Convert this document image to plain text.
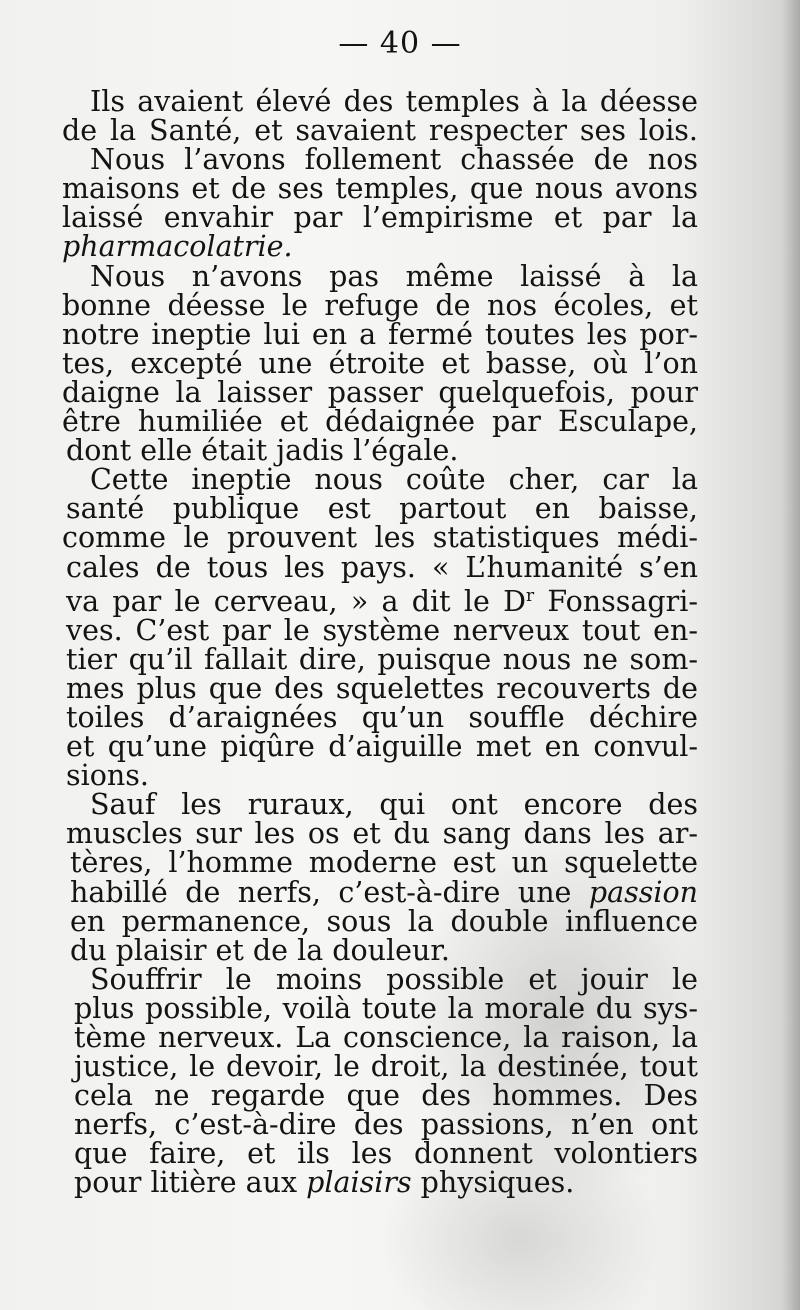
— 40 —
Ils avaient élevé des temples à la déesse
de la Santé, et savaient respecter ses lois.
Nous l’avons follement chassée de nos
maisons et de ses temples, que nous avons
laissé envahir par l’empirisme et par la
pharmacolatrie.
Nous n’avons pas même laissé à la
bonne déesse le refuge de nos écoles, et
notre ineptie lui en a fermé toutes les por-
tes, excepté une étroite et basse, où l’on
daigne la laisser passer quelquefois, pour
être humiliée et dédaignée par Esculape,
dont elle était jadis l’égale.
Cette ineptie nous coûte cher, car la
santé publique est partout en baisse,
comme le prouvent les statistiques médi-
cales de tous les pays. « L’humanité s’en
va par le cerveau, » a dit le $D^r$ Fonssagri-
ves. C’est par le système nerveux tout en-
tier qu’il fallait dire, puisque nous ne som-
mes plus que des squelettes recouverts de
toiles d’araignées qu’un souffle déchire
et qu’une piqûre d’aiguille met en convul-
sions.
Sauf les ruraux, qui ont encore des
muscles sur les os et du sang dans les ar-
tères, l’homme moderne est un squelette
habillé de nerfs, c’est-à-dire une passion
en permanence, sous la double influence
du plaisir et de la douleur.
Souffrir le moins possible et jouir le
plus possible, voilà toute la morale du sys-
tème nerveux. La conscience, la raison, la
justice, le devoir, le droit, la destinée, tout
cela ne regarde que des hommes. Des
nerfs, c’est-à-dire des passions, n’en ont
que faire, et ils les donnent volontiers
pour litière aux plaisirs physiques.
